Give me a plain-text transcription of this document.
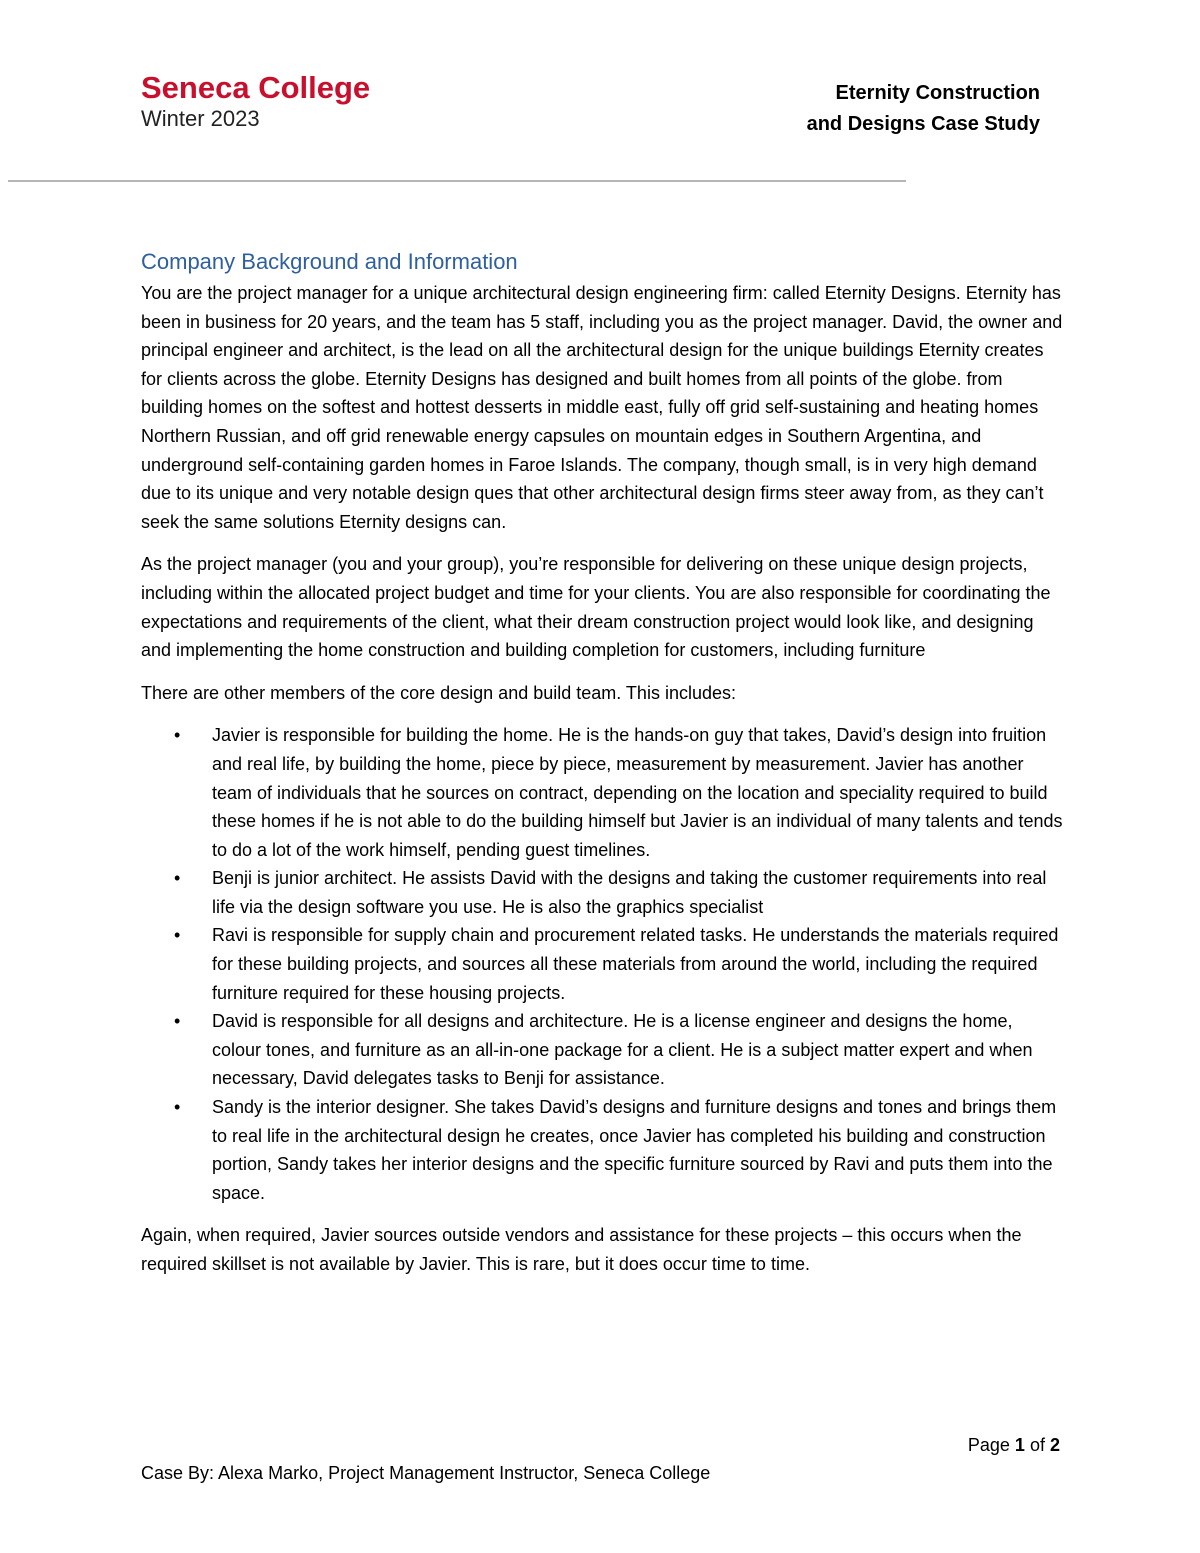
Seneca College
Winter 2023
Eternity Construction
and Designs Case Study
Company Background and Information

You are the project manager for a unique architectural design engineering firm: called Eternity Designs. Eternity has been in business for 20 years, and the team has 5 staff, including you as the project manager. David, the owner and principal engineer and architect, is the lead on all the architectural design for the unique buildings Eternity creates for clients across the globe. Eternity Designs has designed and built homes from all points of the globe. from building homes on the softest and hottest desserts in middle east, fully off grid self-sustaining and heating homes Northern Russian, and off grid renewable energy capsules on mountain edges in Southern Argentina, and underground self-containing garden homes in Faroe Islands. The company, though small, is in very high demand due to its unique and very notable design ques that other architectural design firms steer away from, as they can’t seek the same solutions Eternity designs can.

As the project manager (you and your group), you’re responsible for delivering on these unique design projects, including within the allocated project budget and time for your clients. You are also responsible for coordinating the expectations and requirements of the client, what their dream construction project would look like, and designing and implementing the home construction and building completion for customers, including furniture

There are other members of the core design and build team. This includes:

• Javier is responsible for building the home. He is the hands-on guy that takes, David’s design into fruition and real life, by building the home, piece by piece, measurement by measurement. Javier has another team of individuals that he sources on contract, depending on the location and speciality required to build these homes if he is not able to do the building himself but Javier is an individual of many talents and tends to do a lot of the work himself, pending guest timelines.
• Benji is junior architect. He assists David with the designs and taking the customer requirements into real life via the design software you use. He is also the graphics specialist
• Ravi is responsible for supply chain and procurement related tasks. He understands the materials required for these building projects, and sources all these materials from around the world, including the required furniture required for these housing projects.
• David is responsible for all designs and architecture. He is a license engineer and designs the home, colour tones, and furniture as an all-in-one package for a client. He is a subject matter expert and when necessary, David delegates tasks to Benji for assistance.
• Sandy is the interior designer. She takes David’s designs and furniture designs and tones and brings them to real life in the architectural design he creates, once Javier has completed his building and construction portion, Sandy takes her interior designs and the specific furniture sourced by Ravi and puts them into the space.

Again, when required, Javier sources outside vendors and assistance for these projects – this occurs when the required skillset is not available by Javier. This is rare, but it does occur time to time.

Page 1 of 2
Case By: Alexa Marko, Project Management Instructor, Seneca College
